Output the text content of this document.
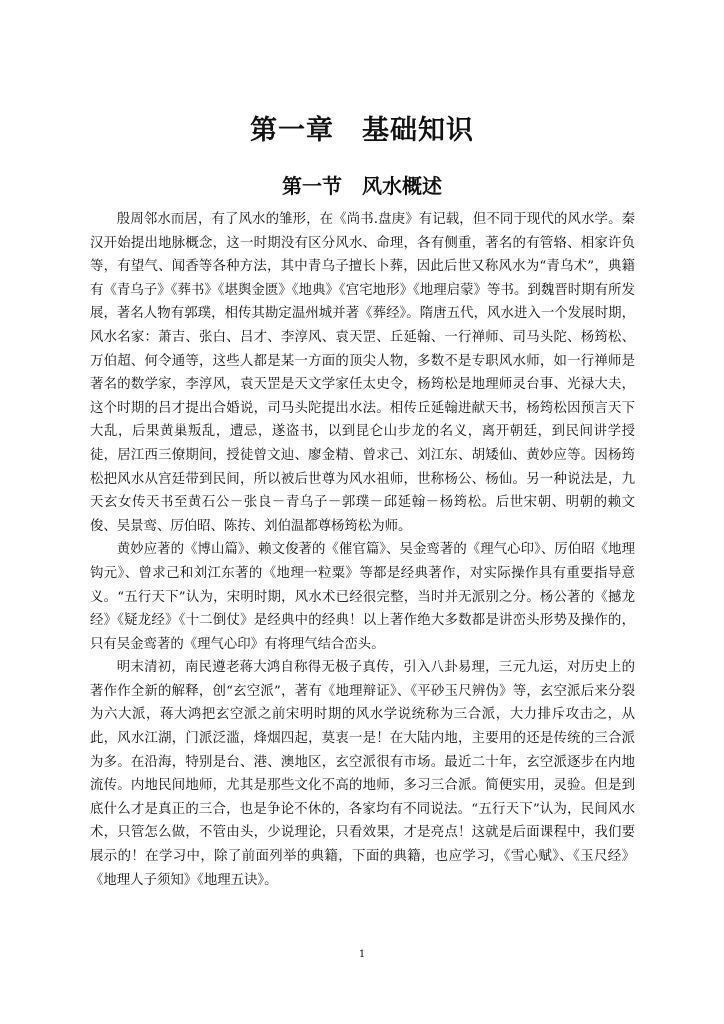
第一章　基础知识
第一节　风水概述

殷周邻水而居，有了风水的雏形，在《尚书.盘庚》有记载，但不同于现代的风水学。秦汉开始提出地脉概念，这一时期没有区分风水、命理，各有侧重，著名的有管辂、相家许负等，有望气、闻香等各种方法，其中青乌子擅长卜葬，因此后世又称风水为“青乌术”，典籍有《青乌子》《葬书》《堪舆金匮》《地典》《宫宅地形》《地理启蒙》等书。到魏晋时期有所发展，著名人物有郭璞，相传其勘定温州城并著《葬经》。隋唐五代，风水进入一个发展时期，风水名家：萧吉、张白、吕才、李淳风、袁天罡、丘延翰、一行禅师、司马头陀、杨筠松、万伯超、何令通等，这些人都是某一方面的顶尖人物，多数不是专职风水师，如一行禅师是著名的数学家，李淳风，袁天罡是天文学家任太史令，杨筠松是地理师灵台事、光禄大夫，这个时期的吕才提出合婚说，司马头陀提出水法。相传丘延翰进献天书，杨筠松因预言天下大乱，后果黄巢叛乱，遭忌，遂盗书，以到昆仑山步龙的名义，离开朝廷，到民间讲学授徒，居江西三僚期间，授徒曾文辿、廖金精、曾求己、刘江东、胡矮仙、黄妙应等。因杨筠松把风水从宫廷带到民间，所以被后世尊为风水祖师，世称杨公、杨仙。另一种说法是，九天玄女传天书至黄石公－张良－青乌子－郭璞－邱延翰－杨筠松。后世宋朝、明朝的赖文俊、吴景鸾、厉伯昭、陈抟、刘伯温都尊杨筠松为师。

黄妙应著的《博山篇》、赖文俊著的《催官篇》、吴金鸾著的《理气心印》、厉伯昭《地理钩元》、曾求己和刘江东著的《地理一粒粟》等都是经典著作，对实际操作具有重要指导意义。“五行天下”认为，宋明时期，风水术已经很完整，当时并无派别之分。杨公著的《撼龙经》《疑龙经》《十二倒仗》是经典中的经典！以上著作绝大多数都是讲峦头形势及操作的，只有吴金鸾著的《理气心印》有将理气结合峦头。

明末清初，南民遵老蒋大鸿自称得无极子真传，引入八卦易理，三元九运，对历史上的著作作全新的解释，创“玄空派”，著有《地理辩证》、《平砂玉尺辨伪》等，玄空派后来分裂为六大派，蒋大鸿把玄空派之前宋明时期的风水学说统称为三合派，大力排斥攻击之，从此，风水江湖，门派泛滥，烽烟四起，莫衷一是！在大陆内地，主要用的还是传统的三合派为多。在沿海，特别是台、港、澳地区，玄空派很有市场。最近二十年，玄空派逐步在内地流传。内地民间地师，尤其是那些文化不高的地师，多习三合派。简便实用，灵验。但是到底什么才是真正的三合，也是争论不休的，各家均有不同说法。“五行天下”认为，民间风水术，只管怎么做，不管由头，少说理论，只看效果，才是亮点！这就是后面课程中，我们要展示的！在学习中，除了前面列举的典籍，下面的典籍，也应学习，《雪心赋》、《玉尺经》《地理人子须知》《地理五诀》。

1
